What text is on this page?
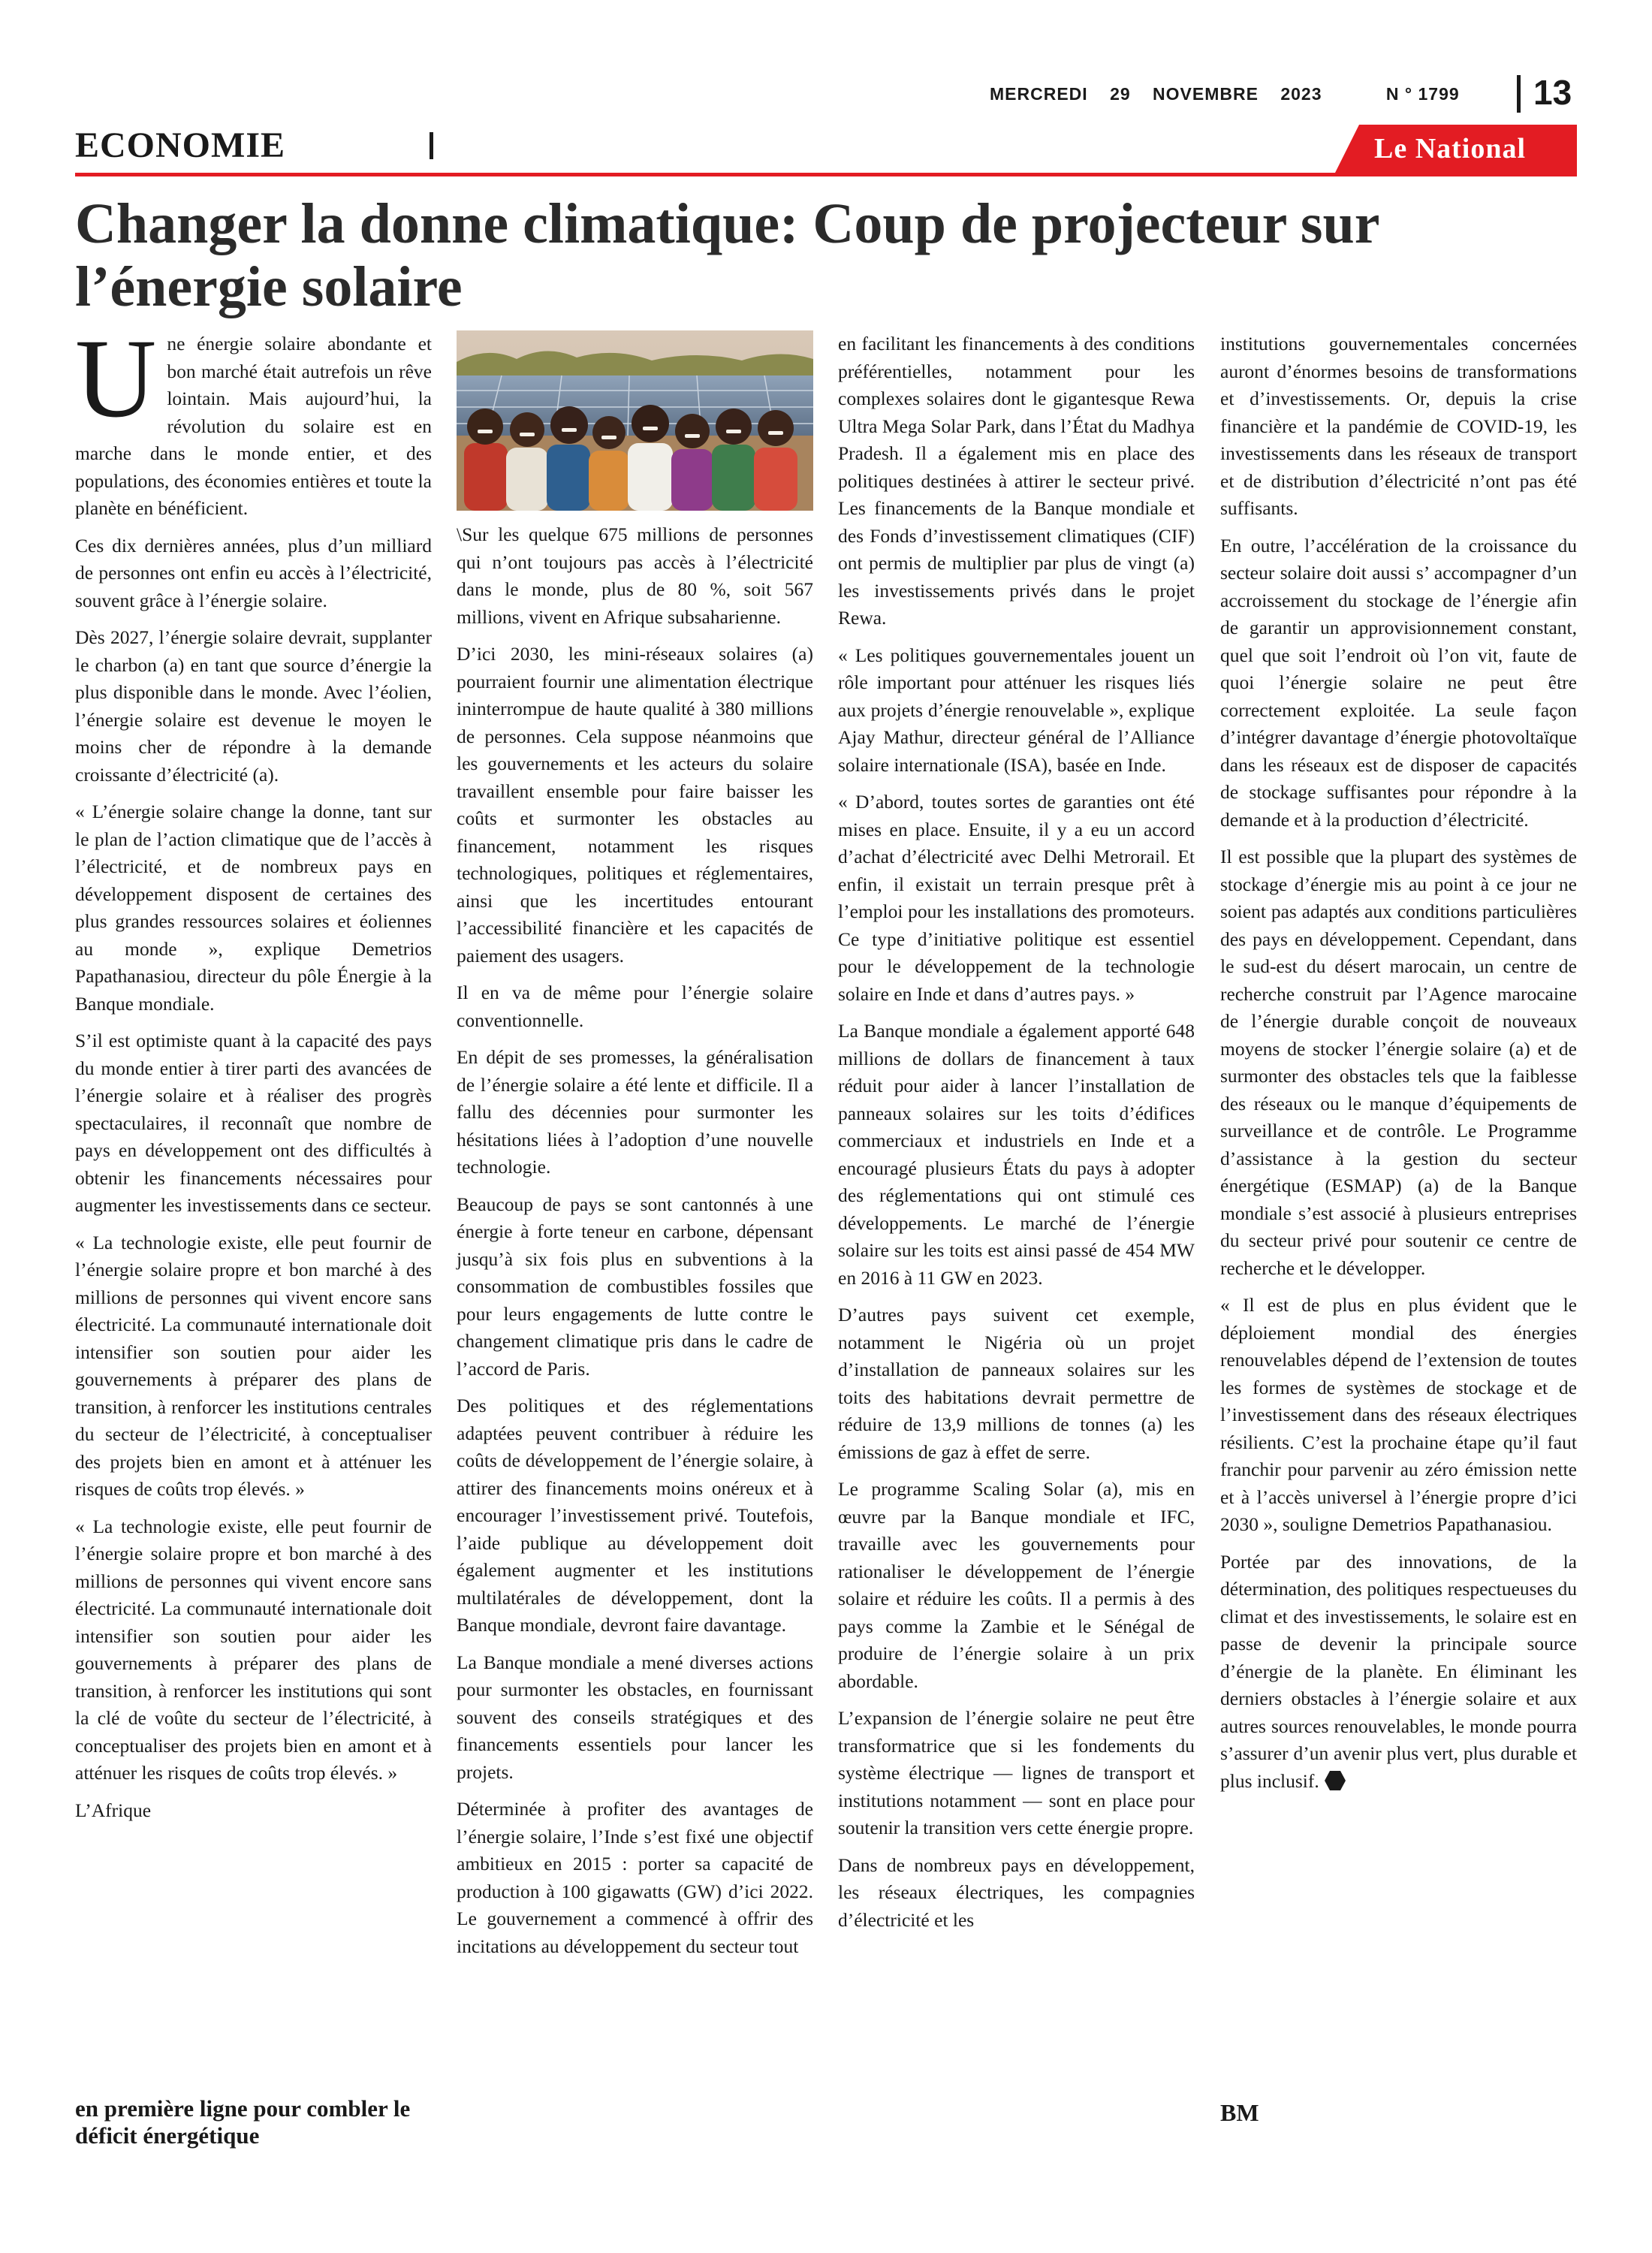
MERCREDI 29 NOVEMBRE 2023	N ° 1799 13
ECONOMIE	Le National
Changer la donne climatique: Coup de projecteur sur l’énergie solaire

Une énergie solaire abondante et bon marché était autrefois un rêve lointain. Mais aujourd’hui, la révolution du solaire est en marche dans le monde entier, et des populations, des économies entières et toute la planète en bénéficient.

Ces dix dernières années, plus d’un milliard de personnes ont enfin eu accès à l’électricité, souvent grâce à l’énergie solaire.

Dès 2027, l’énergie solaire devrait, supplanter le charbon (a) en tant que source d’énergie la plus disponible dans le monde. Avec l’éolien, l’énergie solaire est devenue le moyen le moins cher de répondre à la demande croissante d’électricité (a).

« L’énergie solaire change la donne, tant sur le plan de l’action climatique que de l’accès à l’électricité, et de nombreux pays en développement disposent de certaines des plus grandes ressources solaires et éoliennes au monde », explique Demetrios Papathanasiou, directeur du pôle Énergie à la Banque mondiale.

S’il est optimiste quant à la capacité des pays du monde entier à tirer parti des avancées de l’énergie solaire et à réaliser des progrès spectaculaires, il reconnaît que nombre de pays en développement ont des difficultés à obtenir les financements nécessaires pour augmenter les investissements dans ce secteur.

« La technologie existe, elle peut fournir de l’énergie solaire propre et bon marché à des millions de personnes qui vivent encore sans électricité. La communauté internationale doit intensifier son soutien pour aider les gouvernements à préparer des plans de transition, à renforcer les institutions centrales du secteur de l’électricité, à conceptualiser des projets bien en amont et à atténuer les risques de coûts trop élevés. »

« La technologie existe, elle peut fournir de l’énergie solaire propre et bon marché à des millions de personnes qui vivent encore sans électricité. La communauté internationale doit intensifier son soutien pour aider les gouvernements à préparer des plans de transition, à renforcer les institutions qui sont la clé de voûte du secteur de l’électricité, à conceptualiser des projets bien en amont et à atténuer les risques de coûts trop élevés. »

L’Afrique

\Sur les quelque 675 millions de personnes qui n’ont toujours pas accès à l’électricité dans le monde, plus de 80 %, soit 567 millions, vivent en Afrique subsaharienne.

D’ici 2030, les mini-réseaux solaires (a) pourraient fournir une alimentation électrique ininterrompue de haute qualité à 380 millions de personnes. Cela suppose néanmoins que les gouvernements et les acteurs du solaire travaillent ensemble pour faire baisser les coûts et surmonter les obstacles au financement, notamment les risques technologiques, politiques et réglementaires, ainsi que les incertitudes entourant l’accessibilité financière et les capacités de paiement des usagers.

Il en va de même pour l’énergie solaire conventionnelle.

En dépit de ses promesses, la généralisation de l’énergie solaire a été lente et difficile. Il a fallu des décennies pour surmonter les hésitations liées à l’adoption d’une nouvelle technologie.

Beaucoup de pays se sont cantonnés à une énergie à forte teneur en carbone, dépensant jusqu’à six fois plus en subventions à la consommation de combustibles fossiles que pour leurs engagements de lutte contre le changement climatique pris dans le cadre de l’accord de Paris.

Des politiques et des réglementations adaptées peuvent contribuer à réduire les coûts de développement de l’énergie solaire, à attirer des financements moins onéreux et à encourager l’investissement privé. Toutefois, l’aide publique au développement doit également augmenter et les institutions multilatérales de développement, dont la Banque mondiale, devront faire davantage.

La Banque mondiale a mené diverses actions pour surmonter les obstacles, en fournissant souvent des conseils stratégiques et des financements essentiels pour lancer les projets.

Déterminée à profiter des avantages de l’énergie solaire, l’Inde s’est fixé une objectif ambitieux en 2015 : porter sa capacité de production à 100 gigawatts (GW) d’ici 2022. Le gouvernement a commencé à offrir des incitations au développement du secteur tout

en facilitant les financements à des conditions préférentielles, notamment pour les complexes solaires dont le gigantesque Rewa Ultra Mega Solar Park, dans l’État du Madhya Pradesh. Il a également mis en place des politiques destinées à attirer le secteur privé. Les financements de la Banque mondiale et des Fonds d’investissement climatiques (CIF) ont permis de multiplier par plus de vingt (a) les investissements privés dans le projet Rewa.

« Les politiques gouvernementales jouent un rôle important pour atténuer les risques liés aux projets d’énergie renouvelable », explique Ajay Mathur, directeur général de l’Alliance solaire internationale (ISA), basée en Inde.

« D’abord, toutes sortes de garanties ont été mises en place. Ensuite, il y a eu un accord d’achat d’électricité avec Delhi Metrorail. Et enfin, il existait un terrain presque prêt à l’emploi pour les installations des promoteurs. Ce type d’initiative politique est essentiel pour le développement de la technologie solaire en Inde et dans d’autres pays. »

La Banque mondiale a également apporté 648 millions de dollars de financement à taux réduit pour aider à lancer l’installation de panneaux solaires sur les toits d’édifices commerciaux et industriels en Inde et a encouragé plusieurs États du pays à adopter des réglementations qui ont stimulé ces développements. Le marché de l’énergie solaire sur les toits est ainsi passé de 454 MW en 2016 à 11 GW en 2023.

D’autres pays suivent cet exemple, notamment le Nigéria où un projet d’installation de panneaux solaires sur les toits des habitations devrait permettre de réduire de 13,9 millions de tonnes (a) les émissions de gaz à effet de serre.

Le programme Scaling Solar (a), mis en œuvre par la Banque mondiale et IFC, travaille avec les gouvernements pour rationaliser le développement de l’énergie solaire et réduire les coûts. Il a permis à des pays comme la Zambie et le Sénégal de produire de l’énergie solaire à un prix abordable.

L’expansion de l’énergie solaire ne peut être transformatrice que si les fondements du système électrique — lignes de transport et institutions notamment — sont en place pour soutenir la transition vers cette énergie propre.

Dans de nombreux pays en développement, les réseaux électriques, les compagnies d’électricité et les

institutions gouvernementales concernées auront d’énormes besoins de transformations et d’investissements. Or, depuis la crise financière et la pandémie de COVID-19, les investissements dans les réseaux de transport et de distribution d’électricité n’ont pas été suffisants.

En outre, l’accélération de la croissance du secteur solaire doit aussi s’ accompagner d’un accroissement du stockage de l’énergie afin de garantir un approvisionnement constant, quel que soit l’endroit où l’on vit, faute de quoi l’énergie solaire ne peut être correctement exploitée. La seule façon d’intégrer davantage d’énergie photovoltaïque dans les réseaux est de disposer de capacités de stockage suffisantes pour répondre à la demande et à la production d’électricité.

Il est possible que la plupart des systèmes de stockage d’énergie mis au point à ce jour ne soient pas adaptés aux conditions particulières des pays en développement. Cependant, dans le sud-est du désert marocain, un centre de recherche construit par l’Agence marocaine de l’énergie durable conçoit de nouveaux moyens de stocker l’énergie solaire (a) et de surmonter des obstacles tels que la faiblesse des réseaux ou le manque d’équipements de surveillance et de contrôle. Le Programme d’assistance à la gestion du secteur énergétique (ESMAP) (a) de la Banque mondiale s’est associé à plusieurs entreprises du secteur privé pour soutenir ce centre de recherche et le développer.

« Il est de plus en plus évident que le déploiement mondial des énergies renouvelables dépend de l’extension de toutes les formes de systèmes de stockage et de l’investissement dans des réseaux électriques résilients. C’est la prochaine étape qu’il faut franchir pour parvenir au zéro émission nette et à l’accès universel à l’énergie propre d’ici 2030 », souligne Demetrios Papathanasiou.

Portée par des innovations, de la détermination, des politiques respectueuses du climat et des investissements, le solaire est en passe de devenir la principale source d’énergie de la planète. En éliminant les derniers obstacles à l’énergie solaire et aux autres sources renouvelables, le monde pourra s’assurer d’un avenir plus vert, plus durable et plus inclusif.

en première ligne pour combler le déficit énergétique
BM
